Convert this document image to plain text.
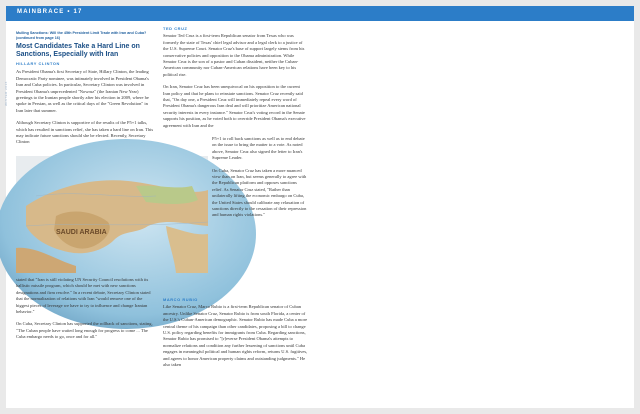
MAINBRACE • 17
WINTER 2016
Mulling Sanctions: Will the 45th President Limit Trade with Iran and Cuba? (continued from page 16)
Most Candidates Take a Hard Line on Sanctions, Especially with Iran
HILLARY CLINTON

As President Obama's first Secretary of State, Hillary Clinton, the leading Democratic Party nominee, was intimately involved in President Obama's Iran and Cuba policies. In particular, Secretary Clinton was involved in President Obama's unprecedented "Nowruz" (the Iranian New Year) greetings to the Iranian people shortly after his election in 2009, where he spoke in Persian, as well as the critical days of the "Green Revolution" in Iran later that summer.

Although Secretary Clinton is supportive of the results of the P5+1 talks, which has resulted in sanctions relief, she has taken a hard line on Iran. This may indicate future sanctions should she be elected. Recently, Secretary Clinton

SAUDI ARABIA

stated that "Iran is still violating UN Security Council resolutions with its ballistic missile program, which should be met with new sanctions designations and firm resolve." In a recent debate, Secretary Clinton stated that the normalization of relations with Iran "would remove one of the biggest pieces of leverage we have to try to influence and change Iranian behavior."

On Cuba, Secretary Clinton has supported the rollback of sanctions, stating, "The Cuban people have waited long enough for progress to come ... The Cuba embargo needs to go, once and for all."

TED CRUZ

Senator Ted Cruz is a first-term Republican senator from Texas who was formerly the state of Texas' chief legal advisor and a legal clerk to a justice of the U.S. Supreme Court. Senator Cruz's base of support largely stems from his conservative policies and opposition to the Obama administration. While Senator Cruz is the son of a pastor and Cuban dissident, neither the Cuban-American community nor Cuban-American relations have been key to his political rise.

On Iran, Senator Cruz has been unequivocal on his opposition to the current Iran policy and that he plans to reinstate sanctions. Senator Cruz recently said that, "On day one, a President Cruz will immediately repeal every word of President Obama's dangerous Iran deal and will prioritize American national security interests in every instance." Senator Cruz's voting record in the Senate supports his position, as he voted both to override President Obama's executive agreement with Iran and the

P5+1 to roll back sanctions as well as to end debate on the issue to bring the matter to a vote. As noted above, Senator Cruz also signed the letter to Iran's Supreme Leader.

On Cuba, Senator Cruz has taken a more nuanced view than on Iran, but seems generally to agree with the Republican platform and opposes sanctions relief. As Senator Cruz stated, "Rather than unilaterally lifting the economic embargo on Cuba, the United States should calibrate any relaxation of sanctions directly to the cessation of their repression and human rights violations."

MARCO RUBIO

Like Senator Cruz, Marco Rubio is a first-term Republican senator of Cuban ancestry. Unlike Senator Cruz, Senator Rubio is from south Florida, a center of the U.S.'s Cuban-American demographic. Senator Rubio has made Cuba a more central theme of his campaign than other candidates, proposing a bill to change U.S. policy regarding benefits for immigrants from Cuba. Regarding sanctions, Senator Rubio has promised to "[r]everse President Obama's attempts to normalize relations and condition any further lessening of sanctions until Cuba engages in meaningful political and human rights reform, returns U.S. fugitives, and agrees to honor American property claims and outstanding judgments." He also taken
